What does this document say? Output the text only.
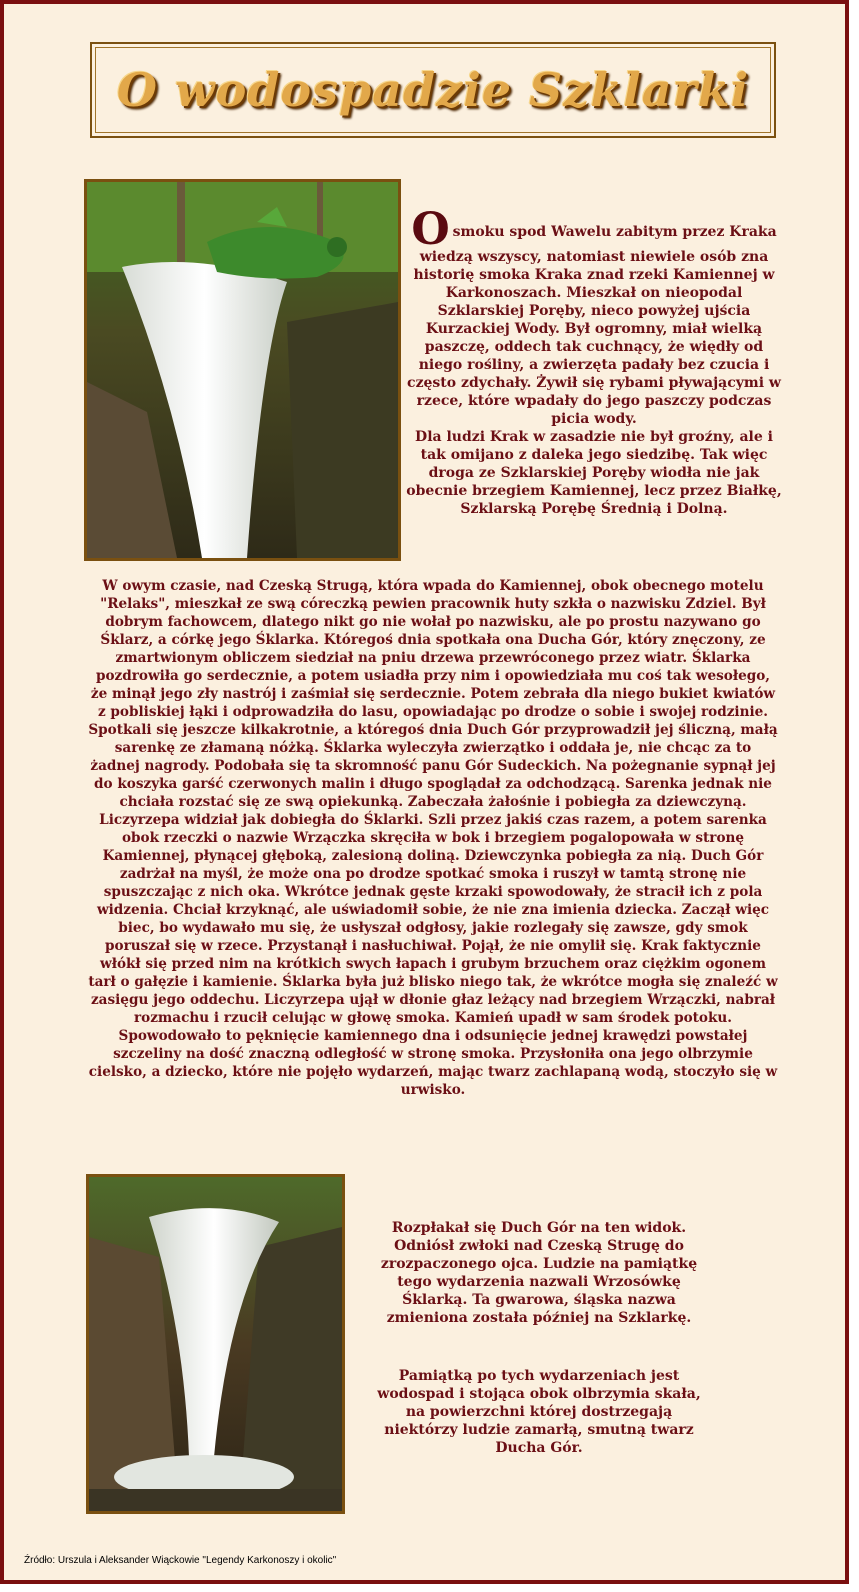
O wodospadzie Szklarki

Osmoku spod Wawelu zabitym przez Kraka wiedzą wszyscy, natomiast niewiele osób zna historię smoka Kraka znad rzeki Kamiennej w Karkonoszach. Mieszkał on nieopodal Szklarskiej Poręby, nieco powyżej ujścia Kurzackiej Wody. Był ogromny, miał wielką paszczę, oddech tak cuchnący, że więdły od niego rośliny, a zwierzęta padały bez czucia i często zdychały. Żywił się rybami pływającymi w rzece, które wpadały do jego paszczy podczas picia wody.

Dla ludzi Krak w zasadzie nie był groźny, ale i tak omijano z daleka jego siedzibę. Tak więc droga ze Szklarskiej Poręby wiodła nie jak obecnie brzegiem Kamiennej, lecz przez Białkę, Szklarską Porębę Średnią i Dolną.

W owym czasie, nad Czeską Strugą, która wpada do Kamiennej, obok obecnego motelu "Relaks", mieszkał ze swą córeczką pewien pracownik huty szkła o nazwisku Zdziel. Był dobrym fachowcem, dlatego nikt go nie wołał po nazwisku, ale po prostu nazywano go Śklarz, a córkę jego Śklarka. Któregoś dnia spotkała ona Ducha Gór, który znęczony, ze zmartwionym obliczem siedział na pniu drzewa przewróconego przez wiatr. Śklarka pozdrowiła go serdecznie, a potem usiadła przy nim i opowiedziała mu coś tak wesołego, że minął jego zły nastrój i zaśmiał się serdecznie. Potem zebrała dla niego bukiet kwiatów z pobliskiej łąki i odprowadziła do lasu, opowiadając po drodze o sobie i swojej rodzinie. Spotkali się jeszcze kilkakrotnie, a któregoś dnia Duch Gór przyprowadził jej śliczną, małą sarenkę ze złamaną nóżką. Śklarka wyleczyła zwierzątko i oddała je, nie chcąc za to żadnej nagrody. Podobała się ta skromność panu Gór Sudeckich. Na pożegnanie sypnął jej do koszyka garść czerwonych malin i długo spoglądał za odchodzącą. Sarenka jednak nie chciała rozstać się ze swą opiekunką. Zabeczała żałośnie i pobiegła za dziewczyną. Liczyrzepa widział jak dobiegła do Śklarki. Szli przez jakiś czas razem, a potem sarenka obok rzeczki o nazwie Wrzączka skręciła w bok i brzegiem pogalopowała w stronę Kamiennej, płynącej głęboką, zalesioną doliną. Dziewczynka pobiegła za nią. Duch Gór zadrżał na myśl, że może ona po drodze spotkać smoka i ruszył w tamtą stronę nie spuszczając z nich oka. Wkrótce jednak gęste krzaki spowodowały, że stracił ich z pola widzenia. Chciał krzyknąć, ale uświadomił sobie, że nie zna imienia dziecka. Zaczął więc biec, bo wydawało mu się, że usłyszał odgłosy, jakie rozlegały się zawsze, gdy smok poruszał się w rzece. Przystanął i nasłuchiwał. Pojął, że nie omylił się. Krak faktycznie włókł się przed nim na krótkich swych łapach i grubym brzuchem oraz ciężkim ogonem tarł o gałęzie i kamienie. Śklarka była już blisko niego tak, że wkrótce mogła się znaleźć w zasięgu jego oddechu. Liczyrzepa ujął w dłonie głaz leżący nad brzegiem Wrzączki, nabrał rozmachu i rzucił celując w głowę smoka. Kamień upadł w sam środek potoku. Spowodowało to pęknięcie kamiennego dna i odsunięcie jednej krawędzi powstałej szczeliny na dość znaczną odległość w stronę smoka. Przysłoniła ona jego olbrzymie cielsko, a dziecko, które nie pojęło wydarzeń, mając twarz zachlapaną wodą, stoczyło się w urwisko.

Rozpłakał się Duch Gór na ten widok. Odniósł zwłoki nad Czeską Strugę do zrozpaczonego ojca. Ludzie na pamiątkę tego wydarzenia nazwali Wrzosówkę Śklarką. Ta gwarowa, śląska nazwa zmieniona została później na Szklarkę.

Pamiątką po tych wydarzeniach jest wodospad i stojąca obok olbrzymia skała, na powierzchni której dostrzegają niektórzy ludzie zamarłą, smutną twarz Ducha Gór.

Źródło: Urszula i Aleksander Wiąckowie "Legendy Karkonoszy i okolic"
